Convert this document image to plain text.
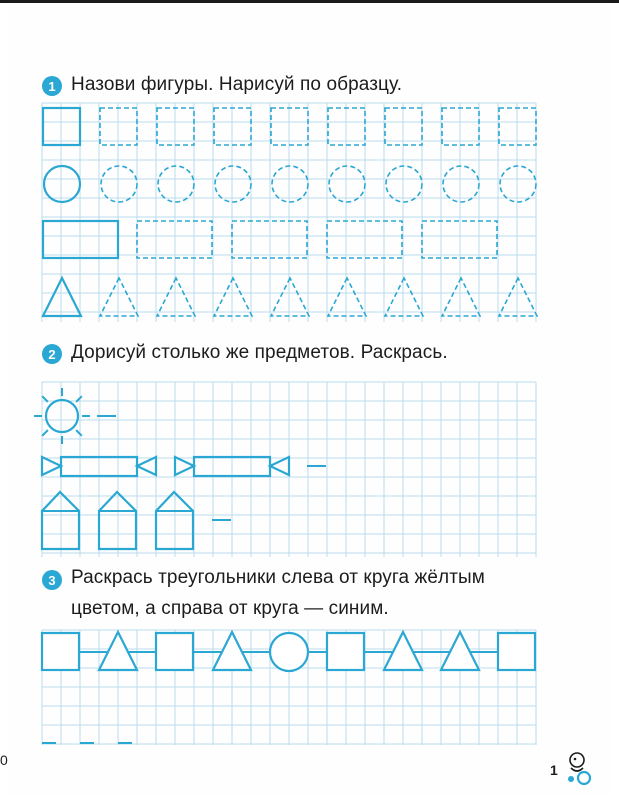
1 Назови фигуры. Нарисуй по образцу.
2 Дорисуй столько же предметов. Раскрась.
3 Раскрась треугольники слева от круга жёлтым
цветом, а справа от круга — синим.
1
0
